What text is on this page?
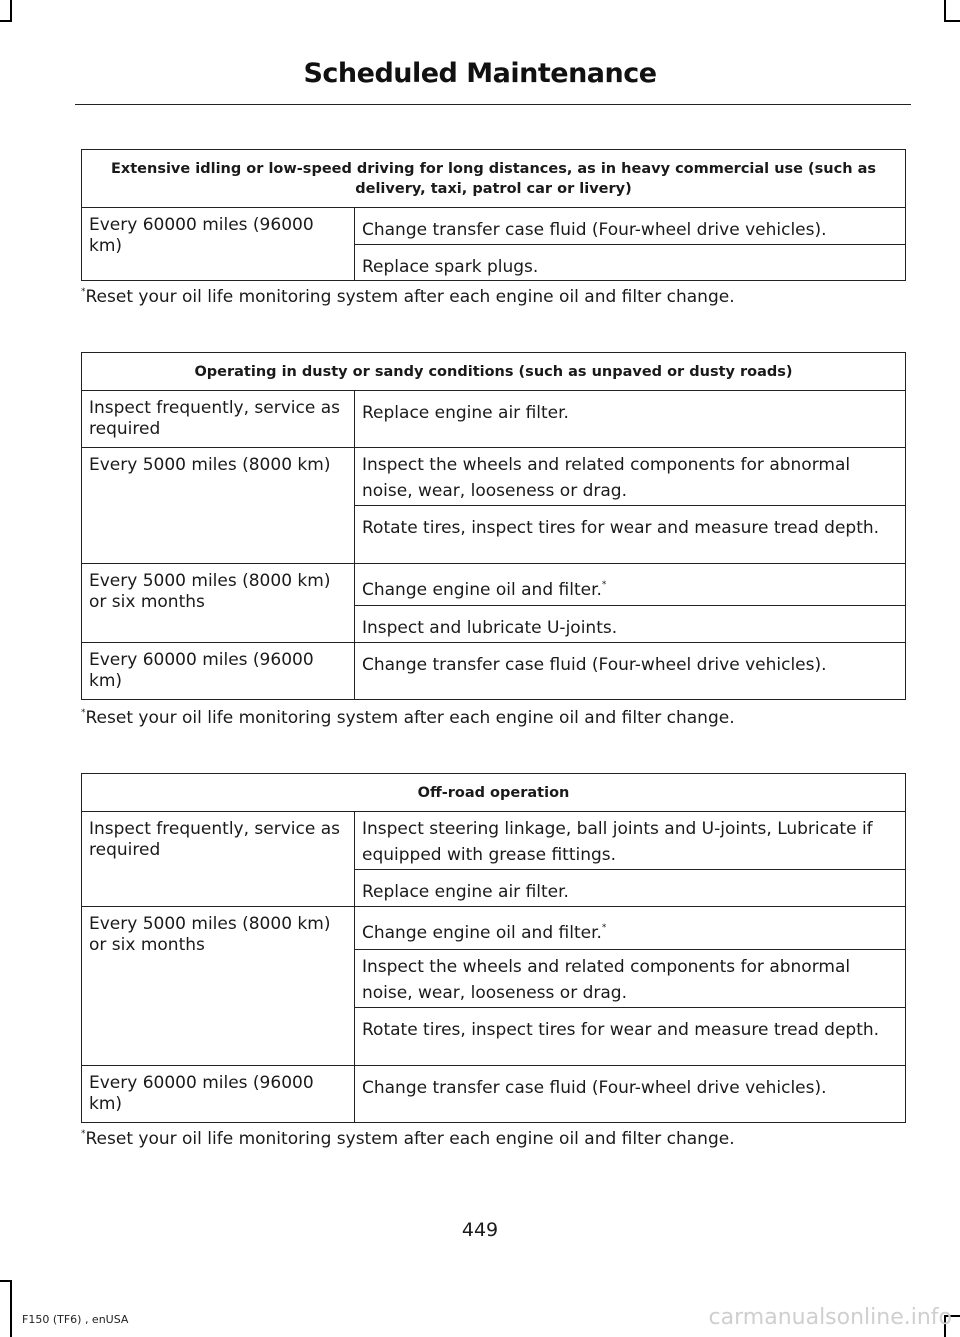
Scheduled Maintenance
Extensive idling or low-speed driving for long distances, as in heavy commercial use (such as delivery, taxi, patrol car or livery)
Every 60000 miles (96000 km)	Change transfer case fluid (Four-wheel drive vehicles).
Replace spark plugs.
*Reset your oil life monitoring system after each engine oil and filter change.
Operating in dusty or sandy conditions (such as unpaved or dusty roads)	
Inspect frequently, service as required	Replace engine air filter.
Every 5000 miles (8000 km)	Inspect the wheels and related components for abnormal noise, wear, looseness or drag.
	Rotate tires, inspect tires for wear and measure tread depth.
Every 5000 miles (8000 km) or six months	Change engine oil and filter.*
	Inspect and lubricate U-joints.
Every 60000 miles (96000 km)	Change transfer case fluid (Four-wheel drive vehicles).
*Reset your oil life monitoring system after each engine oil and filter change.
Off-road operation	
Inspect frequently, service as required	Inspect steering linkage, ball joints and U-joints, Lubricate if equipped with grease fittings.
	Replace engine air filter.
Every 5000 miles (8000 km) or six months	Change engine oil and filter.*
	Inspect the wheels and related components for abnormal noise, wear, looseness or drag.
	Rotate tires, inspect tires for wear and measure tread depth.
Every 60000 miles (96000 km)	Change transfer case fluid (Four-wheel drive vehicles).
*Reset your oil life monitoring system after each engine oil and filter change.
449
F150 (TF6) , enUSA	carmanualsonline.info
